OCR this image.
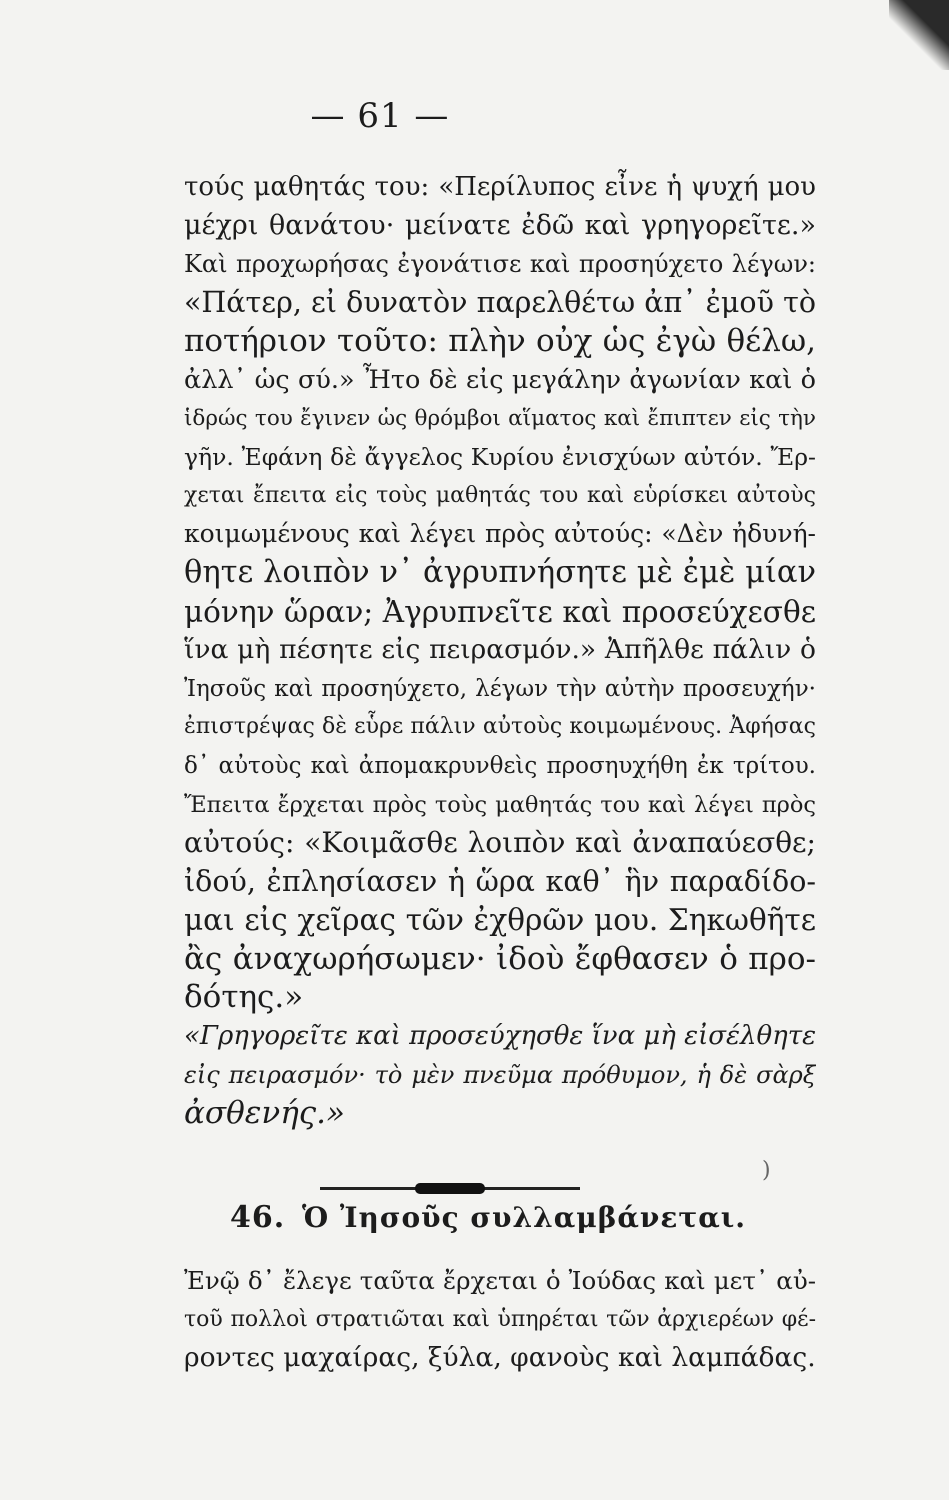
— 61 —
τούς μαθητάς του: «Περίλυπος εἶνε ἡ ψυχή μου
μέχρι θανάτου· μείνατε ἐδῶ καὶ γρηγορεῖτε.»
Καὶ προχωρήσας ἐγονάτισε καὶ προσηύχετο λέγων:
«Πάτερ, εἰ δυνατὸν παρελθέτω ἀπ᾽ ἐμοῦ τὸ
ποτήριον τοῦτο: πλὴν οὐχ ὡς ἐγὼ θέλω,
ἀλλ᾽ ὡς σύ.» Ἦτο δὲ εἰς μεγάλην ἀγωνίαν καὶ ὁ
ἱδρώς του ἔγινεν ὡς θρόμβοι αἵματος καὶ ἔπιπτεν εἰς τὴν
γῆν. Ἐφάνη δὲ ἄγγελος Κυρίου ἐνισχύων αὐτόν. Ἔρ-
χεται ἔπειτα εἰς τοὺς μαθητάς του καὶ εὑρίσκει αὐτοὺς
κοιμωμένους καὶ λέγει πρὸς αὐτούς: «Δὲν ἠδυνή-
θητε λοιπὸν ν᾽ ἀγρυπνήσητε μὲ ἐμὲ μίαν
μόνην ὥραν; Ἀγρυπνεῖτε καὶ προσεύχεσθε
ἵνα μὴ πέσητε εἰς πειρασμόν.» Ἀπῆλθε πάλιν ὁ
Ἰησοῦς καὶ προσηύχετο, λέγων τὴν αὐτὴν προσευχήν·
ἐπιστρέψας δὲ εὗρε πάλιν αὐτοὺς κοιμωμένους. Ἀφήσας
δ᾽ αὐτοὺς καὶ ἀπομακρυνθεὶς προσηυχήθη ἐκ τρίτου.
Ἔπειτα ἔρχεται πρὸς τοὺς μαθητάς του καὶ λέγει πρὸς
αὐτούς: «Κοιμᾶσθε λοιπὸν καὶ ἀναπαύεσθε;
ἰδού, ἐπλησίασεν ἡ ὥρα καθ᾽ ἣν παραδίδο-
μαι εἰς χεῖρας τῶν ἐχθρῶν μου. Σηκωθῆτε
ἂς ἀναχωρήσωμεν· ἰδοὺ ἔφθασεν ὁ προ-
δότης.»
«Γρηγορεῖτε καὶ προσεύχησθε ἵνα μὴ εἰσέλθητε
εἰς πειρασμόν· τὸ μὲν πνεῦμα πρόθυμον, ἡ δὲ σὰρξ
ἀσθενής.»
)
46. Ὁ Ἰησοῦς συλλαμβάνεται.
Ἐνῷ δ᾽ ἔλεγε ταῦτα ἔρχεται ὁ Ἰούδας καὶ μετ᾽ αὐ-
τοῦ πολλοὶ στρατιῶται καὶ ὑπηρέται τῶν ἀρχιερέων φέ-
ροντες μαχαίρας, ξύλα, φανοὺς καὶ λαμπάδας.
